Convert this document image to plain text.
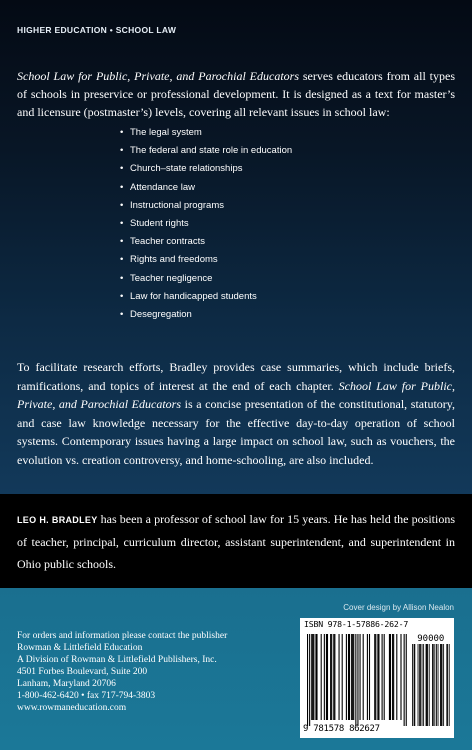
HIGHER EDUCATION • SCHOOL LAW

School Law for Public, Private, and Parochial Educators serves educators from all types of schools in preservice or professional development. It is designed as a text for master’s and licensure (postmaster’s) levels, covering all relevant issues in school law:

• The legal system
• The federal and state role in education
• Church–state relationships
• Attendance law
• Instructional programs
• Student rights
• Teacher contracts
• Rights and freedoms
• Teacher negligence
• Law for handicapped students
• Desegregation

To facilitate research efforts, Bradley provides case summaries, which include briefs, ramifications, and topics of interest at the end of each chapter. School Law for Public, Private, and Parochial Educators is a concise presentation of the constitutional, statutory, and case law knowledge necessary for the effective day-to-day operation of school systems. Contemporary issues having a large impact on school law, such as vouchers, the evolution vs. creation controversy, and home-schooling, are also included.

LEO H. BRADLEY has been a professor of school law for 15 years. He has held the positions of teacher, principal, curriculum director, assistant superintendent, and superintendent in Ohio public schools.

Cover design by Allison Nealon
For orders and information please contact the publisher
Rowman & Littlefield Education
A Division of Rowman & Littlefield Publishers, Inc.
4501 Forbes Boulevard, Suite 200
Lanham, Maryland 20706
1-800-462-6420 • fax 717-794-3803
www.rowmaneducation.com
ISBN 978-1-57886-262-7
90000
9 781578 862627
